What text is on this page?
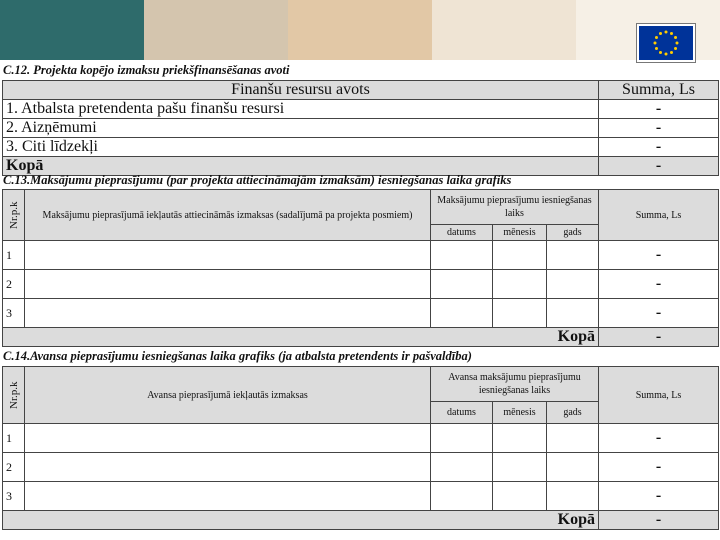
C.12. Projekta kopējo izmaksu priekšfinansēšanas avoti
Finanšu resursu avots	Summa, Ls
1. Atbalsta pretendenta pašu finanšu resursi	-
2. Aizņēmumi	-
3. Citi līdzekļi	-
Kopā	-
C.13.Maksājumu pieprasījumu (par projekta attiecināmajām izmaksām) iesniegšanas laika grafiks
Nr.p.k	Maksājumu pieprasījumā iekļautās attiecināmās izmaksas (sadalījumā pa projekta posmiem)	Maksājumu pieprasījumu iesniegšanas laiks			Summa, Ls
		datums	mēnesis	gads	
1					-
2					-
3					-
Kopā					-
C.14.Avansa pieprasījumu iesniegšanas laika grafiks (ja atbalsta pretendents ir pašvaldība)
Nr.p.k	Avansa pieprasījumā iekļautās izmaksas	Avansa maksājumu pieprasījumu iesniegšanas laiks			Summa, Ls
		datums	mēnesis	gads	
1					-
2					-
3					-
Kopā					-
